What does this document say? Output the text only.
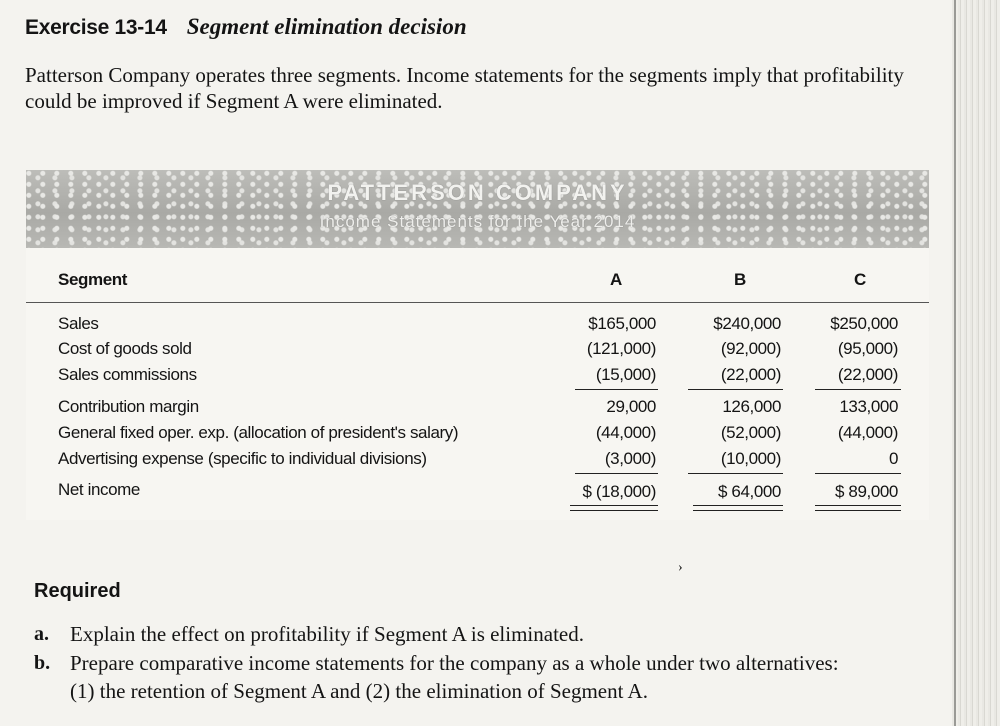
Exercise 13-14 Segment elimination decision
Patterson Company operates three segments. Income statements for the segments imply that profitability could be improved if Segment A were eliminated.
PATTERSON COMPANY
Income Statements for the Year 2014
Segment	A	B	C
Sales	$165,000	$240,000	$250,000
Cost of goods sold	(121,000)	(92,000)	(95,000)
Sales commissions	(15,000)	(22,000)	(22,000)
Contribution margin	29,000	126,000	133,000
General fixed oper. exp. (allocation of president's salary)	(44,000)	(52,000)	(44,000)
Advertising expense (specific to individual divisions)	(3,000)	(10,000)	0
Net income	$ (18,000)	$ 64,000	$ 89,000
›
Required
a. Explain the effect on profitability if Segment A is eliminated.
b. Prepare comparative income statements for the company as a whole under two alternatives:
(1) the retention of Segment A and (2) the elimination of Segment A.
